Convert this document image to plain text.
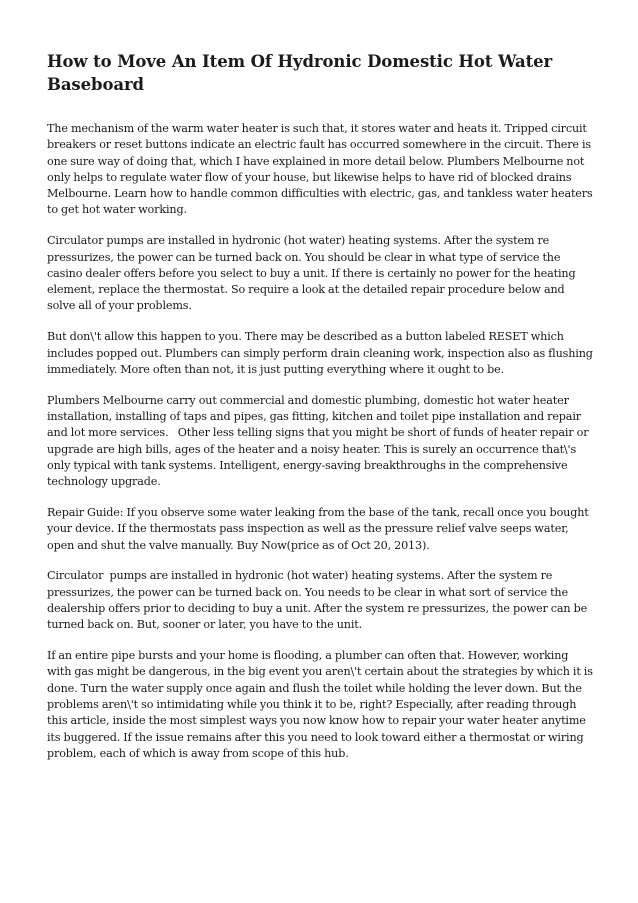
How to Move An Item Of Hydronic Domestic Hot Water Baseboard

The mechanism of the warm water heater is such that, it stores water and heats it. Tripped circuit breakers or reset buttons indicate an electric fault has occurred somewhere in the circuit. There is one sure way of doing that, which I have explained in more detail below. Plumbers Melbourne not only helps to regulate water flow of your house, but likewise helps to have rid of blocked drains Melbourne. Learn how to handle common difficulties with electric, gas, and tankless water heaters to get hot water working.

Circulator pumps are installed in hydronic (hot water) heating systems. After the system re pressurizes, the power can be turned back on. You should be clear in what type of service the casino dealer offers before you select to buy a unit. If there is certainly no power for the heating element, replace the thermostat. So require a look at the detailed repair procedure below and solve all of your problems.

But don\'t allow this happen to you. There may be described as a button labeled RESET which includes popped out. Plumbers can simply perform drain cleaning work, inspection also as flushing immediately. More often than not, it is just putting everything where it ought to be.

Plumbers Melbourne carry out commercial and domestic plumbing, domestic hot water heater installation, installing of taps and pipes, gas fitting, kitchen and toilet pipe installation and repair and lot more services.   Other less telling signs that you might be short of funds of heater repair or upgrade are high bills, ages of the heater and a noisy heater. This is surely an occurrence that\'s only typical with tank systems. Intelligent, energy-saving breakthroughs in the comprehensive technology upgrade.

Repair Guide: If you observe some water leaking from the base of the tank, recall once you bought your device. If the thermostats pass inspection as well as the pressure relief valve seeps water, open and shut the valve manually. Buy Now(price as of Oct 20, 2013).

Circulator  pumps are installed in hydronic (hot water) heating systems. After the system re pressurizes, the power can be turned back on. You needs to be clear in what sort of service the dealership offers prior to deciding to buy a unit. After the system re pressurizes, the power can be turned back on. But, sooner or later, you have to the unit.

If an entire pipe bursts and your home is flooding, a plumber can often that. However, working with gas might be dangerous, in the big event you aren\'t certain about the strategies by which it is done. Turn the water supply once again and flush the toilet while holding the lever down. But the problems aren\'t so intimidating while you think it to be, right? Especially, after reading through this article, inside the most simplest ways you now know how to repair your water heater anytime its buggered. If the issue remains after this you need to look toward either a thermostat or wiring problem, each of which is away from scope of this hub.
